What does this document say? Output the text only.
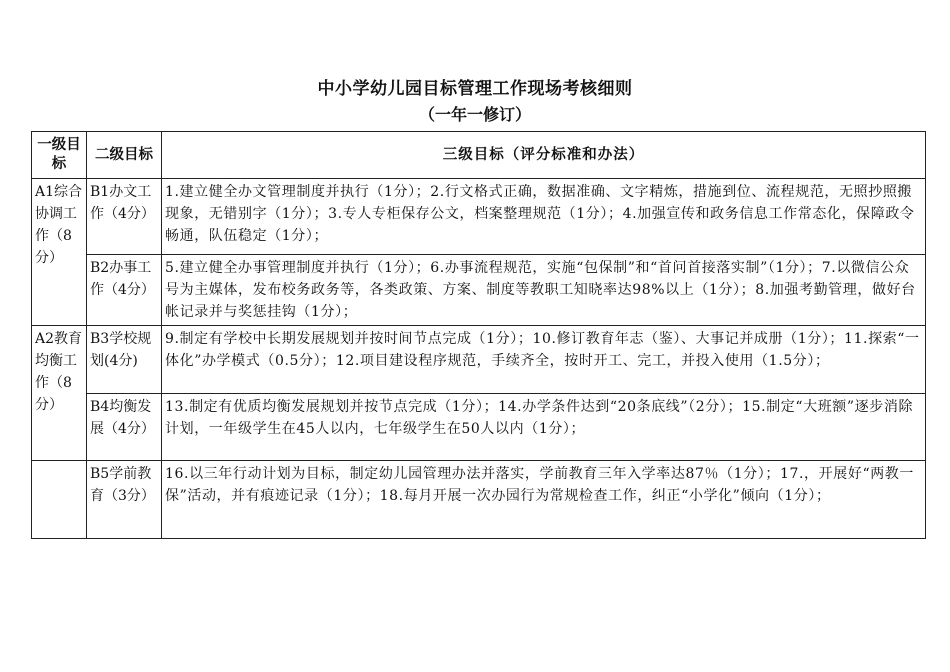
中小学幼儿园目标管理工作现场考核细则
（一年一修订）
一级目标	二级目标	三级目标（评分标准和办法）
A1综合协调工作（8分）	B1办文工作（4分）	1.建立健全办文管理制度并执行（1分）；2.行文格式正确，数据准确、文字精炼，措施到位、流程规范，无照抄照搬现象，无错别字（1分）；3.专人专柜保存公文，档案整理规范（1分）；4.加强宣传和政务信息工作常态化，保障政令畅通，队伍稳定（1分）；
	B2办事工作（4分）	5.建立健全办事管理制度并执行（1分）；6.办事流程规范，实施“包保制”和“首问首接落实制”（1分）；7.以微信公众号为主媒体，发布校务政务等，各类政策、方案、制度等教职工知晓率达98%以上（1分）；8.加强考勤管理，做好台帐记录并与奖惩挂钩（1分）；
A2教育均衡工作（8分）	B3学校规划(4分)	9.制定有学校中长期发展规划并按时间节点完成（1分）；10.修订教育年志（鉴）、大事记并成册（1分）；11.探索“一体化”办学模式（0.5分）；12.项目建设程序规范，手续齐全，按时开工、完工，并投入使用（1.5分）；
	B4均衡发展（4分）	13.制定有优质均衡发展规划并按节点完成（1分）；14.办学条件达到“20条底线”（2分）；15.制定“大班额”逐步消除计划，一年级学生在45人以内，七年级学生在50人以内（1分）；
	B5学前教育（3分）	16.以三年行动计划为目标，制定幼儿园管理办法并落实，学前教育三年入学率达87％（1分）；17.，开展好“两教一保”活动，并有痕迹记录（1分）；18.每月开展一次办园行为常规检查工作，纠正“小学化”倾向（1分）；
